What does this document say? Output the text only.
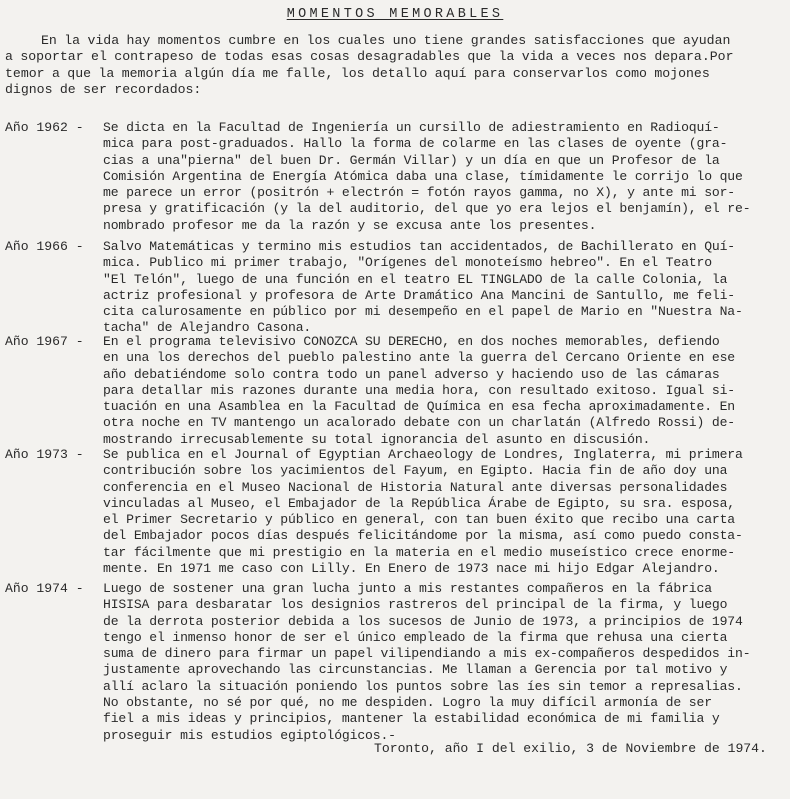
MOMENTOS MEMORABLES
En la vida hay momentos cumbre en los cuales uno tiene grandes satisfacciones que ayudan
a soportar el contrapeso de todas esas cosas desagradables que la vida a veces nos depara.Por
temor a que la memoria algún día me falle, los detallo aquí para conservarlos como mojones
dignos de ser recordados:
Año 1962 - Se dicta en la Facultad de Ingeniería un cursillo de adiestramiento en Radioquí-
mica para post-graduados. Hallo la forma de colarme en las clases de oyente (gra-
cias a una"pierna" del buen Dr. Germán Villar) y un día en que un Profesor de la
Comisión Argentina de Energía Atómica daba una clase, tímidamente le corrijo lo que
me parece un error (positrón + electrón = fotón rayos gamma, no X), y ante mi sor-
presa y gratificación (y la del auditorio, del que yo era lejos el benjamín), el re-
nombrado profesor me da la razón y se excusa ante los presentes.
Año 1966 - Salvo Matemáticas y termino mis estudios tan accidentados, de Bachillerato en Quí-
mica. Publico mi primer trabajo, "Orígenes del monoteísmo hebreo". En el Teatro
"El Telón", luego de una función en el teatro EL TINGLADO de la calle Colonia, la
actriz profesional y profesora de Arte Dramático Ana Mancini de Santullo, me feli-
cita calurosamente en público por mi desempeño en el papel de Mario en "Nuestra Na-
tacha" de Alejandro Casona.
Año 1967 - En el programa televisivo CONOZCA SU DERECHO, en dos noches memorables, defiendo
en una los derechos del pueblo palestino ante la guerra del Cercano Oriente en ese
año debatiéndome solo contra todo un panel adverso y haciendo uso de las cámaras
para detallar mis razones durante una media hora, con resultado exitoso. Igual si-
tuación en una Asamblea en la Facultad de Química en esa fecha aproximadamente. En
otra noche en TV mantengo un acalorado debate con un charlatán (Alfredo Rossi) de-
mostrando irrecusablemente su total ignorancia del asunto en discusión.
Año 1973 - Se publica en el Journal of Egyptian Archaeology de Londres, Inglaterra, mi primera
contribución sobre los yacimientos del Fayum, en Egipto. Hacia fin de año doy una
conferencia en el Museo Nacional de Historia Natural ante diversas personalidades
vinculadas al Museo, el Embajador de la República Árabe de Egipto, su sra. esposa,
el Primer Secretario y público en general, con tan buen éxito que recibo una carta
del Embajador pocos días después felicitándome por la misma, así como puedo consta-
tar fácilmente que mi prestigio en la materia en el medio museístico crece enorme-
mente. En 1971 me caso con Lilly. En Enero de 1973 nace mi hijo Edgar Alejandro.
Año 1974 - Luego de sostener una gran lucha junto a mis restantes compañeros en la fábrica
HISISA para desbaratar los designios rastreros del principal de la firma, y luego
de la derrota posterior debida a los sucesos de Junio de 1973, a principios de 1974
tengo el inmenso honor de ser el único empleado de la firma que rehusa una cierta
suma de dinero para firmar un papel vilipendiando a mis ex-compañeros despedidos in-
justamente aprovechando las circunstancias. Me llaman a Gerencia por tal motivo y
allí aclaro la situación poniendo los puntos sobre las íes sin temor a represalias.
No obstante, no sé por qué, no me despiden. Logro la muy difícil armonía de ser
fiel a mis ideas y principios, mantener la estabilidad económica de mi familia y
proseguir mis estudios egiptológicos.-
Toronto, año I del exilio, 3 de Noviembre de 1974.
